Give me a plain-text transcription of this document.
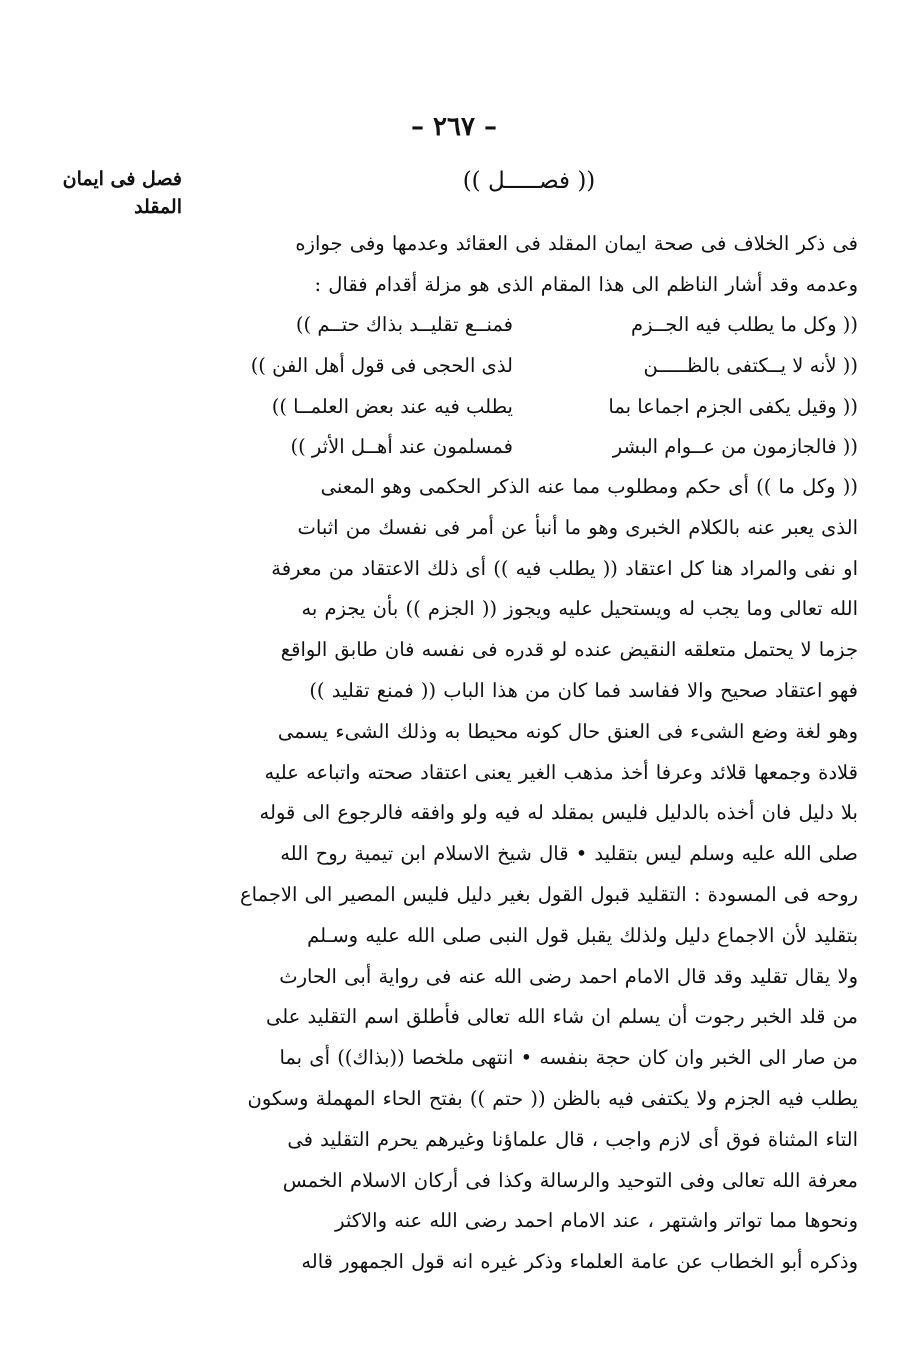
– ٢٦٧ –
فصل فى ايمان
المقلد
(( فصـــــل ))
فى ذكر الخلاف فى صحة ايمان المقلد فى العقائد وعدمها وفى جوازه
وعدمه وقد أشار الناظم الى هذا المقام الذى هو مزلة أقدام فقال :
(( وكل ما يطلب فيه الجــزمفمنــع تقليــد بذاك حتــم ))
(( لأنه لا يــكتفى بالظـــــنلذى الحجى فى قول أهل الفن ))
(( وقيل يكفى الجزم اجماعا بمايطلب فيه عند بعض العلمــا ))
(( فالجازمون من عــوام البشرفمسلمون عند أهــل الأثر ))
(( وكل ما )) أى حكم ومطلوب مما عنه الذكر الحكمى وهو المعنى
الذى يعبر عنه بالكلام الخبرى وهو ما أنبأ عن أمر فى نفسك من اثبات
او نفى والمراد هنا كل اعتقاد (( يطلب فيه )) أى ذلك الاعتقاد من معرفة
الله تعالى وما يجب له ويستحيل عليه ويجوز (( الجزم )) بأن يجزم به
جزما لا يحتمل متعلقه النقيض عنده لو قدره فى نفسه فان طابق الواقع
فهو اعتقاد صحيح والا ففاسد فما كان من هذا الباب (( فمنع تقليد ))
وهو لغة وضع الشىء فى العنق حال كونه محيطا به وذلك الشىء يسمى
قلادة وجمعها قلائد وعرفا أخذ مذهب الغير يعنى اعتقاد صحته واتباعه عليه
بلا دليل فان أخذه بالدليل فليس بمقلد له فيه ولو وافقه فالرجوع الى قوله
صلى الله عليه وسلم ليس بتقليد • قال شيخ الاسلام ابن تيمية روح الله
روحه فى المسودة : التقليد قبول القول بغير دليل فليس المصير الى الاجماع
بتقليد لأن الاجماع دليل ولذلك يقبل قول النبى صلى الله عليه وسـلم
ولا يقال تقليد وقد قال الامام احمد رضى الله عنه فى رواية أبى الحارث
من قلد الخبر رجوت أن يسلم ان شاء الله تعالى فأطلق اسم التقليد على
من صار الى الخبر وان كان حجة بنفسه • انتهى ملخصا ((بذاك)) أى بما
يطلب فيه الجزم ولا يكتفى فيه بالظن (( حتم )) بفتح الحاء المهملة وسكون
التاء المثناة فوق أى لازم واجب ، قال علماؤنا وغيرهم يحرم التقليد فى
معرفة الله تعالى وفى التوحيد والرسالة وكذا فى أركان الاسلام الخمس
ونحوها مما تواتر واشتهر ، عند الامام احمد رضى الله عنه والاكثر
وذكره أبو الخطاب عن عامة العلماء وذكر غيره انه قول الجمهور قاله
